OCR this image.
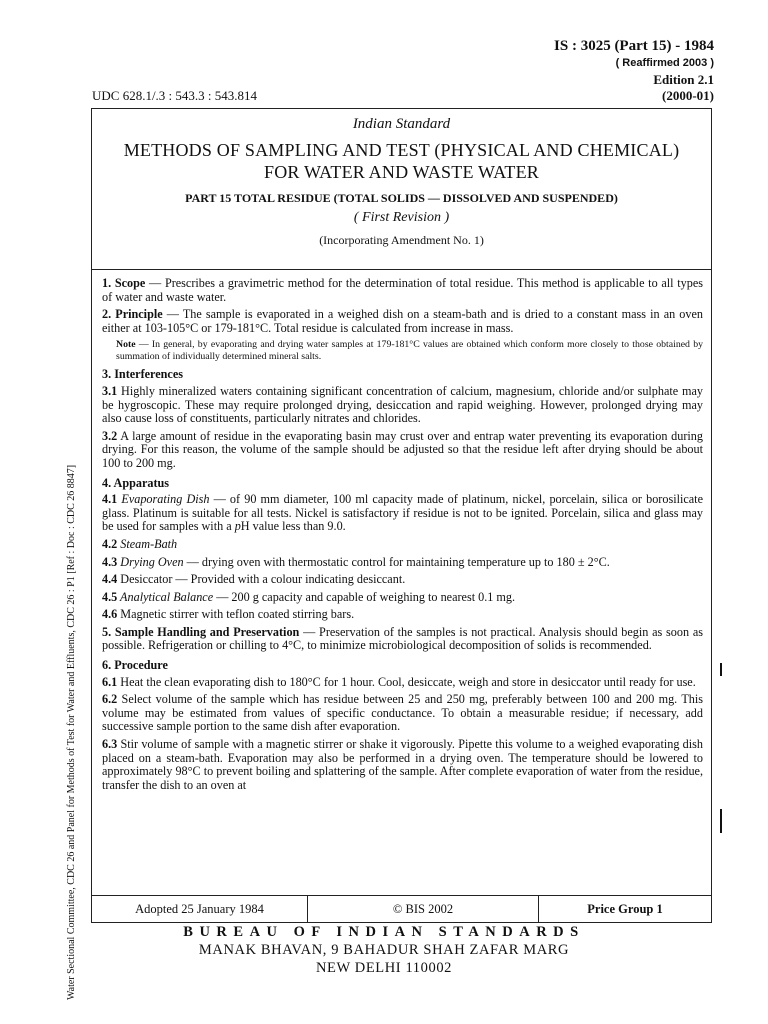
IS : 3025 (Part 15) - 1984
( Reaffirmed 2003 )
Edition 2.1
UDC 628.1/.3 : 543.3 : 543.814	(2000-01)
Water Sectional Committee, CDC 26 and Panel for Methods of Test for Water and Effluents, CDC 26 : P1 [Ref : Doc : CDC 26 8847]
Indian Standard
METHODS OF SAMPLING AND TEST (PHYSICAL AND CHEMICAL) FOR WATER AND WASTE WATER
PART 15 TOTAL RESIDUE (TOTAL SOLIDS — DISSOLVED AND SUSPENDED)
( First Revision )
(Incorporating Amendment No. 1)

1. Scope — Prescribes a gravimetric method for the determination of total residue. This method is applicable to all types of water and waste water.

2. Principle — The sample is evaporated in a weighed dish on a steam-bath and is dried to a constant mass in an oven either at 103-105°C or 179-181°C. Total residue is calculated from increase in mass.

Note — In general, by evaporating and drying water samples at 179-181°C values are obtained which conform more closely to those obtained by summation of individually determined mineral salts.

3. Interferences

3.1 Highly mineralized waters containing significant concentration of calcium, magnesium, chloride and/or sulphate may be hygroscopic. These may require prolonged drying, desiccation and rapid weighing. However, prolonged drying may also cause loss of constituents, particularly nitrates and chlorides.

3.2 A large amount of residue in the evaporating basin may crust over and entrap water preventing its evaporation during drying. For this reason, the volume of the sample should be adjusted so that the residue left after drying should be about 100 to 200 mg.

4. Apparatus

4.1 Evaporating Dish — of 90 mm diameter, 100 ml capacity made of platinum, nickel, porcelain, silica or borosilicate glass. Platinum is suitable for all tests. Nickel is satisfactory if residue is not to be ignited. Porcelain, silica and glass may be used for samples with a pH value less than 9.0.

4.2 Steam-Bath

4.3 Drying Oven — drying oven with thermostatic control for maintaining temperature up to 180 ± 2°C.

4.4 Desiccator — Provided with a colour indicating desiccant.

4.5 Analytical Balance — 200 g capacity and capable of weighing to nearest 0.1 mg.

4.6 Magnetic stirrer with teflon coated stirring bars.

5. Sample Handling and Preservation — Preservation of the samples is not practical. Analysis should begin as soon as possible. Refrigeration or chilling to 4°C, to minimize microbiological decomposition of solids is recommended.

6. Procedure

6.1 Heat the clean evaporating dish to 180°C for 1 hour. Cool, desiccate, weigh and store in desiccator until ready for use.

6.2 Select volume of the sample which has residue between 25 and 250 mg, preferably between 100 and 200 mg. This volume may be estimated from values of specific conductance. To obtain a measurable residue; if necessary, add successive sample portion to the same dish after evaporation.

6.3 Stir volume of sample with a magnetic stirrer or shake it vigorously. Pipette this volume to a weighed evaporating dish placed on a steam-bath. Evaporation may also be performed in a drying oven. The temperature should be lowered to approximately 98°C to prevent boiling and splattering of the sample. After complete evaporation of water from the residue, transfer the dish to an oven at

Adopted 25 January 1984	© BIS 2002	Price Group 1
BUREAU OF INDIAN STANDARDS
MANAK BHAVAN, 9 BAHADUR SHAH ZAFAR MARG
NEW DELHI 110002
